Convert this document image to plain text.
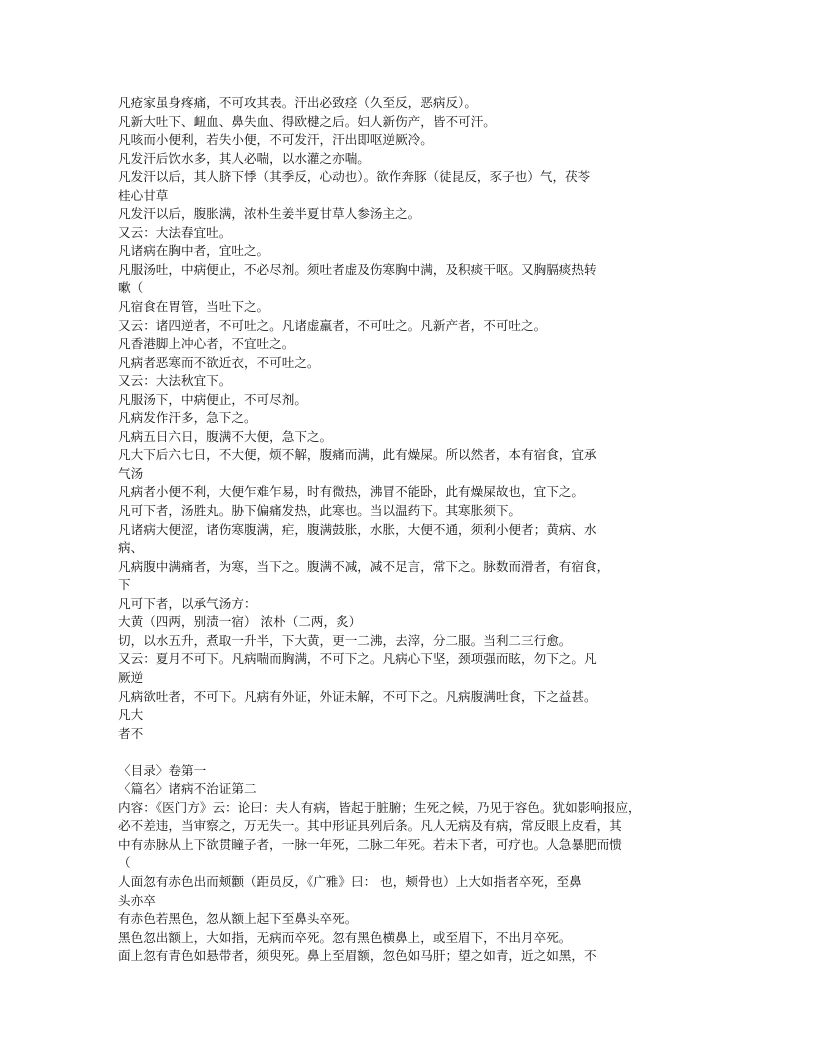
凡疮家虽身疼痛，不可攻其表。汗出必致痉（久至反，恶病反）。
凡新大吐下、衄血、鼻失血、得欧楗之后。妇人新伤产，皆不可汗。
凡咳而小便利，若失小便，不可发汗，汗出即呕逆厥冷。
凡发汗后饮水多，其人必喘，以水灌之亦喘。
凡发汗以后，其人脐下悸（其季反，心动也）。欲作奔豚（徒昆反，豕子也）气，茯苓
桂心甘草
凡发汗以后，腹胀满，浓朴生姜半夏甘草人参汤主之。
又云：大法春宜吐。
凡诸病在胸中者，宜吐之。
凡服汤吐，中病便止，不必尽剂。须吐者虚及伤寒胸中满，及积痰干呕。又胸膈痰热转
嗽（
凡宿食在胃管，当吐下之。
又云：诸四逆者，不可吐之。凡诸虚羸者，不可吐之。凡新产者，不可吐之。
凡香港脚上冲心者，不宜吐之。
凡病者恶寒而不欲近衣，不可吐之。
又云：大法秋宜下。
凡服汤下，中病便止，不可尽剂。
凡病发作汗多，急下之。
凡病五日六日，腹满不大便，急下之。
凡大下后六七日，不大便，烦不解，腹痛而满，此有燥屎。所以然者，本有宿食，宜承
气汤
凡病者小便不利，大便乍难乍易，时有微热，沸冒不能卧，此有燥屎故也，宜下之。
凡可下者，汤胜丸。胁下偏痛发热，此寒也。当以温药下。其寒胀须下。
凡诸病大便涩，诸伤寒腹满，疟，腹满鼓胀，水胀，大便不通，须利小便者；黄病、水
病、
凡病腹中满痛者，为寒，当下之。腹满不减，减不足言，常下之。脉数而滑者，有宿食，
下
凡可下者，以承气汤方：
大黄（四两，别渍一宿） 浓朴（二两，炙）
切，以水五升，煮取一升半，下大黄，更一二沸，去滓，分二服。当利二三行愈。
又云：夏月不可下。凡病喘而胸满，不可下之。凡病心下坚，颈项强而眩，勿下之。凡
厥逆
凡病欲吐者，不可下。凡病有外证，外证未解，不可下之。凡病腹满吐食，下之益甚。
凡大
者不
〈目录〉卷第一
〈篇名〉诸病不治证第二
内容：《医门方》云：论曰：夫人有病，皆起于脏腑；生死之候，乃见于容色。犹如影响报应，
必不差违，当审察之，万无失一。其中形证具列后条。凡人无病及有病，常反眼上皮看，其
中有赤脉从上下欲贯瞳子者，一脉一年死，二脉二年死。若未下者，可疗也。人急暴肥而愦
（
人面忽有赤色出而颊颧（距员反，《广雅》曰： 也，颊骨也）上大如指者卒死，至鼻
头亦卒
有赤色若黑色，忽从额上起下至鼻头卒死。
黑色忽出额上，大如指，无病而卒死。忽有黑色横鼻上，或至眉下，不出月卒死。
面上忽有青色如悬带者，须臾死。鼻上至眉额，忽色如马肝；望之如青，近之如黑，不
